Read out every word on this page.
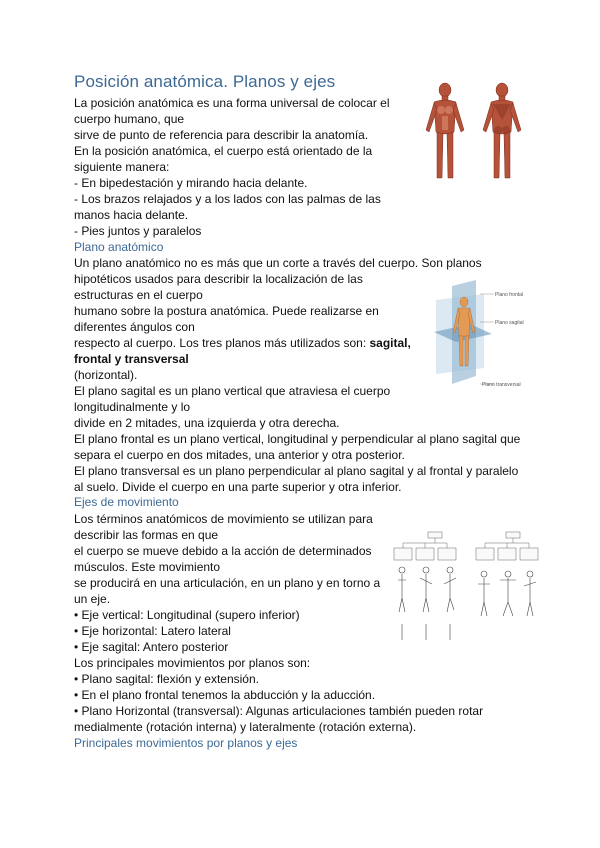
Posición anatómica. Planos y ejes
La posición anatómica es una forma universal de colocar el
cuerpo humano, que
sirve de punto de referencia para describir la anatomía.
En la posición anatómica, el cuerpo está orientado de la
siguiente manera:
- En bipedestación y mirando hacia delante.
- Los brazos relajados y a los lados con las palmas de las
manos hacia delante.
- Pies juntos y paralelos
Plano anatómico
Un plano anatómico no es más que un corte a través del cuerpo. Son planos
hipotéticos usados para describir la localización de las
estructuras en el cuerpo
humano sobre la postura anatómica. Puede realizarse en
diferentes ángulos con
respecto al cuerpo. Los tres planos más utilizados son: sagital,
frontal y transversal
(horizontal).
El plano sagital es un plano vertical que atraviesa el cuerpo
longitudinalmente y lo
divide en 2 mitades, una izquierda y otra derecha.
El plano frontal es un plano vertical, longitudinal y perpendicular al plano sagital que
separa el cuerpo en dos mitades, una anterior y otra posterior.
El plano transversal es un plano perpendicular al plano sagital y al frontal y paralelo
al suelo. Divide el cuerpo en una parte superior y otra inferior.
Plano frontal
Plano sagital
Plano transversal
Ejes de movimiento
Los términos anatómicos de movimiento se utilizan para
describir las formas en que
el cuerpo se mueve debido a la acción de determinados
músculos. Este movimiento
se producirá en una articulación, en un plano y en torno a
un eje.
• Eje vertical: Longitudinal (supero inferior)
• Eje horizontal: Latero lateral
• Eje sagital: Antero posterior
Los principales movimientos por planos son:
• Plano sagital: flexión y extensión.
• En el plano frontal tenemos la abducción y la aducción.
• Plano Horizontal (transversal): Algunas articulaciones también pueden rotar
medialmente (rotación interna) y lateralmente (rotación externa).
Principales movimientos por planos y ejes
